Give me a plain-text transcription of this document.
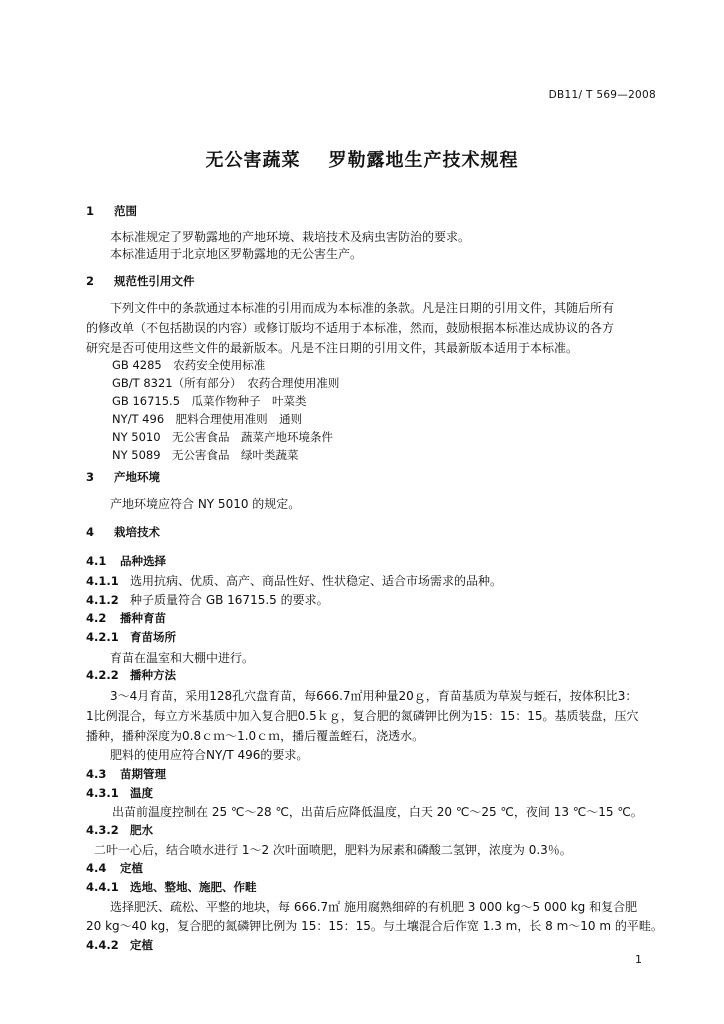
DB11/ T 569—2008
无公害蔬菜 罗勒露地生产技术规程
1 范围
本标准规定了罗勒露地的产地环境、栽培技术及病虫害防治的要求。
本标准适用于北京地区罗勒露地的无公害生产。
2 规范性引用文件
下列文件中的条款通过本标准的引用而成为本标准的条款。凡是注日期的引用文件，其随后所有
的修改单（不包括勘误的内容）或修订版均不适用于本标准，然而，鼓励根据本标准达成协议的各方
研究是否可使用这些文件的最新版本。凡是不注日期的引用文件，其最新版本适用于本标准。
GB 4285　农药安全使用标准
GB/T 8321（所有部分）　农药合理使用准则
GB 16715.5　瓜菜作物种子　叶菜类
NY/T 496　肥料合理使用准则　通则
NY 5010　无公害食品　蔬菜产地环境条件
NY 5089　无公害食品　绿叶类蔬菜
3 产地环境
产地环境应符合 NY 5010 的规定。
4 栽培技术
4.1 品种选择
4.1.1 选用抗病、优质、高产、商品性好、性状稳定、适合市场需求的品种。
4.1.2 种子质量符合 GB 16715.5 的要求。
4.2 播种育苗
4.2.1 育苗场所
育苗在温室和大棚中进行。
4.2.2 播种方法
3～4月育苗，采用128孔穴盘育苗，每666.7㎡用种量20ｇ，育苗基质为草炭与蛭石，按体积比3：
1比例混合，每立方米基质中加入复合肥0.5ｋｇ，复合肥的氮磷钾比例为15：15：15。基质装盘，压穴
播种，播种深度为0.8ｃｍ～1.0ｃｍ，播后覆盖蛭石，浇透水。
肥料的使用应符合NY/T 496的要求。
4.3 苗期管理
4.3.1 温度
出苗前温度控制在 25 ℃～28 ℃，出苗后应降低温度，白天 20 ℃～25 ℃，夜间 13 ℃～15 ℃。
4.3.2 肥水
二叶一心后，结合喷水进行 1～2 次叶面喷肥，肥料为尿素和磷酸二氢钾，浓度为 0.3％。
4.4 定植
4.4.1 选地、整地、施肥、作畦
选择肥沃、疏松、平整的地块，每 666.7㎡ 施用腐熟细碎的有机肥 3 000 kg～5 000 kg 和复合肥
20 kg～40 kg，复合肥的氮磷钾比例为 15：15：15。与土壤混合后作宽 1.3 m，长 8 m～10 m 的平畦。
4.4.2 定植
1
